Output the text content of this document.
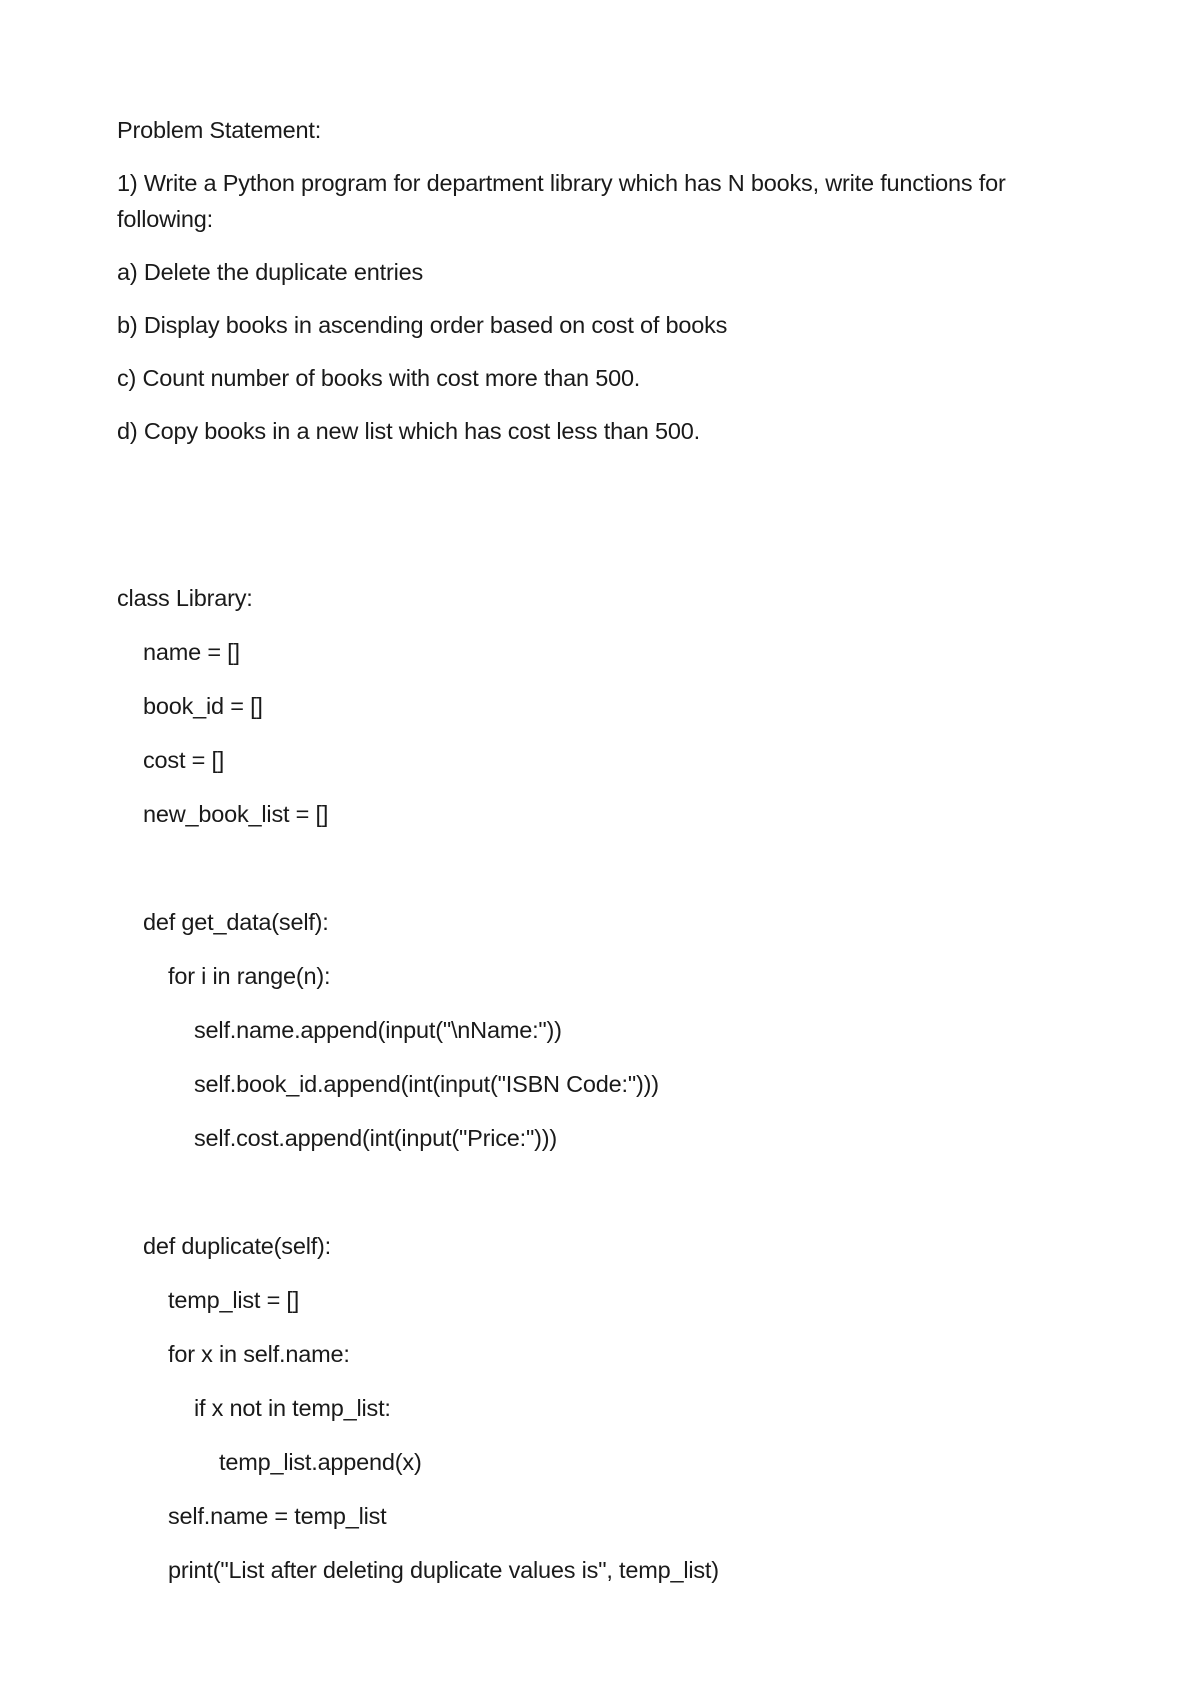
Problem Statement:

1) Write a Python program for department library which has N books, write functions for following:

a) Delete the duplicate entries

b) Display books in ascending order based on cost of books

c) Count number of books with cost more than 500.

d) Copy books in a new list which has cost less than 500.

class Library:
name = []
book_id = []
cost = []
new_book_list = []
def get_data(self):
for i in range(n):
self.name.append(input("\nName:"))
self.book_id.append(int(input("ISBN Code:")))
self.cost.append(int(input("Price:")))
def duplicate(self):
temp_list = []
for x in self.name:
if x not in temp_list:
temp_list.append(x)
self.name = temp_list
print("List after deleting duplicate values is", temp_list)
